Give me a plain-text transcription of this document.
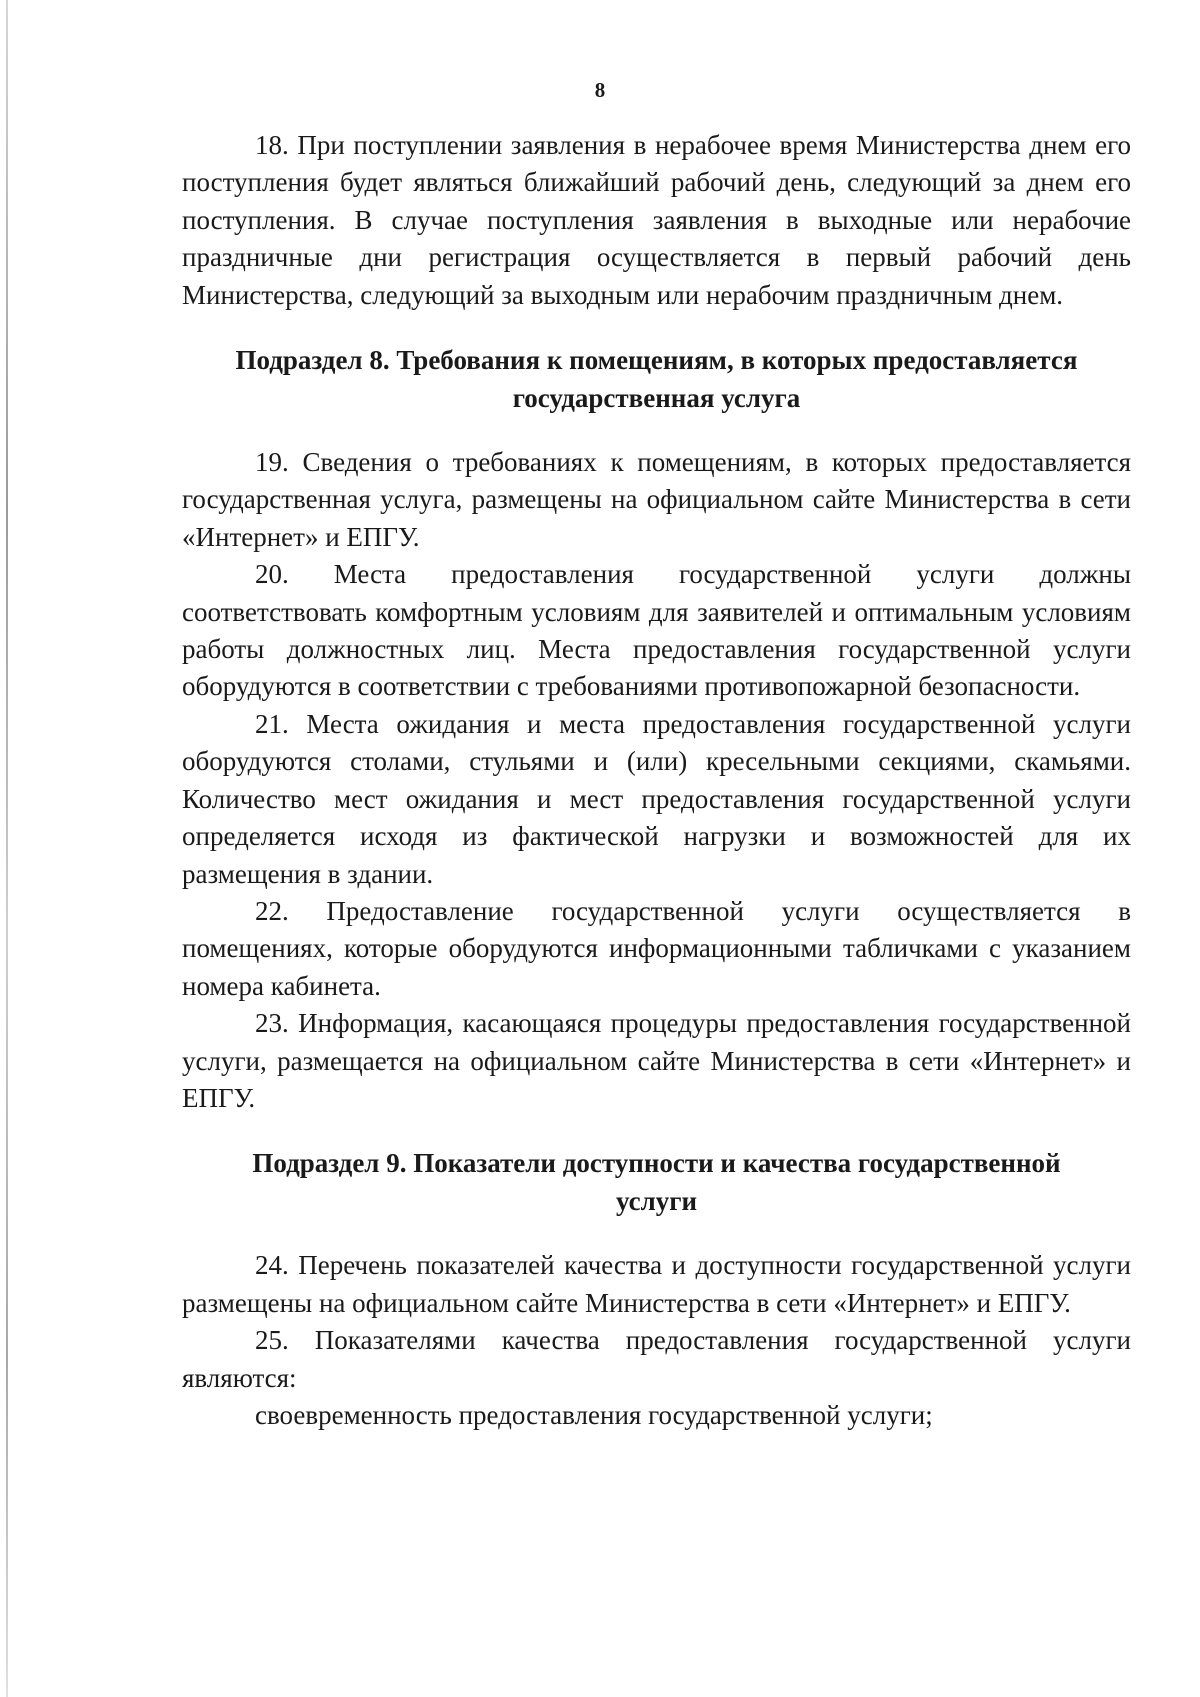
8

18. При поступлении заявления в нерабочее время Министерства днем его поступления будет являться ближайший рабочий день, следующий за днем его поступления. В случае поступления заявления в выходные или нерабочие праздничные дни регистрация осуществляется в первый рабочий день Министерства, следующий за выходным или нерабочим праздничным днем.

Подраздел 8. Требования к помещениям, в которых предоставляется
государственная услуга

19. Сведения о требованиях к помещениям, в которых предоставляется государственная услуга, размещены на официальном сайте Министерства в сети «Интернет» и ЕПГУ.

20. Места предоставления государственной услуги должны соответствовать комфортным условиям для заявителей и оптимальным условиям работы должностных лиц. Места предоставления государственной услуги оборудуются в соответствии с требованиями противопожарной безопасности.

21. Места ожидания и места предоставления государственной услуги оборудуются столами, стульями и (или) кресельными секциями, скамьями. Количество мест ожидания и мест предоставления государственной услуги определяется исходя из фактической нагрузки и возможностей для их размещения в здании.

22. Предоставление государственной услуги осуществляется в помещениях, которые оборудуются информационными табличками с указанием номера кабинета.

23. Информация, касающаяся процедуры предоставления государственной услуги, размещается на официальном сайте Министерства в сети «Интернет» и ЕПГУ.

Подраздел 9. Показатели доступности и качества государственной
услуги

24. Перечень показателей качества и доступности государственной услуги размещены на официальном сайте Министерства в сети «Интернет» и ЕПГУ.

25. Показателями качества предоставления государственной услуги являются:

своевременность предоставления государственной услуги;
